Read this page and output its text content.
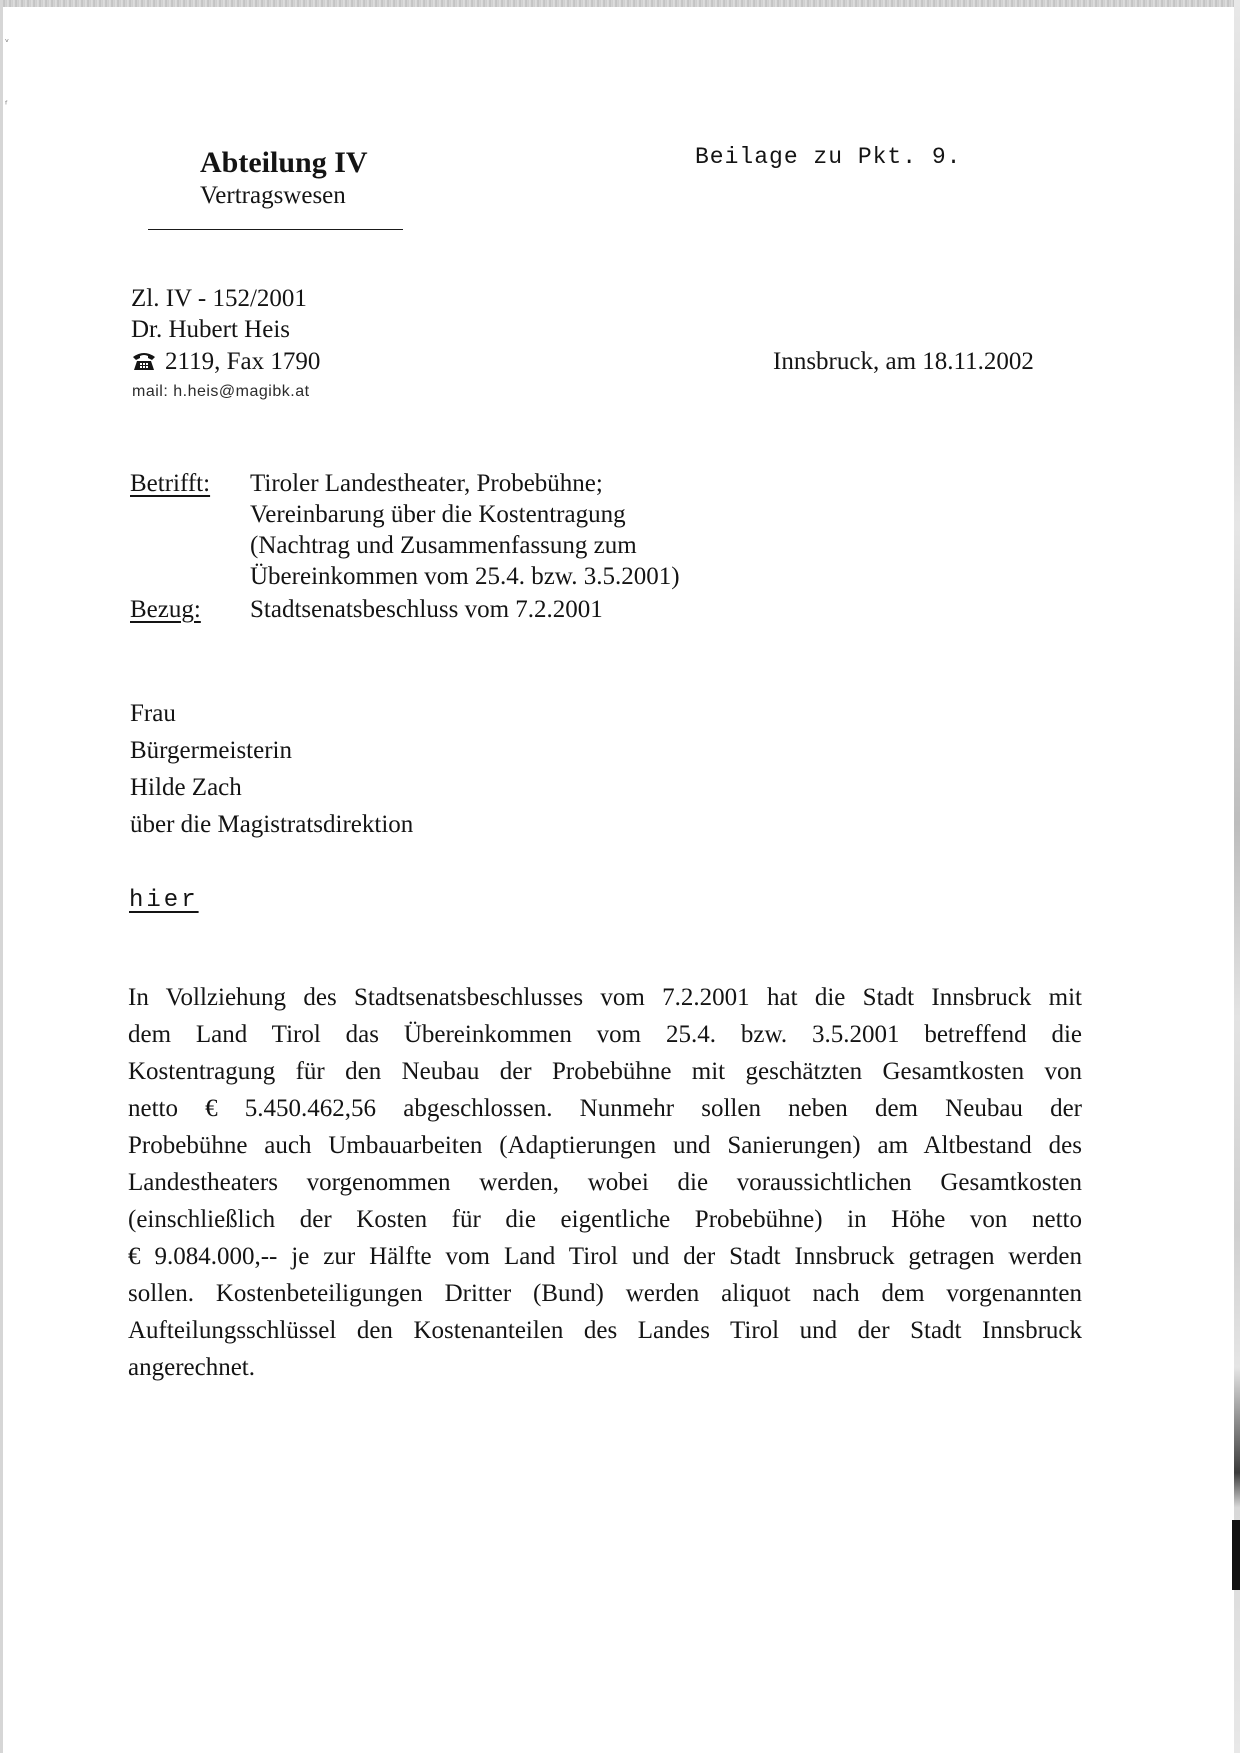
ᵥ
ᶠ
Abteilung IV
Vertragswesen
Beilage zu Pkt. 9.
Zl. IV - 152/2001
Dr. Hubert Heis
2119, Fax 1790
mail: h.heis@magibk.at
Innsbruck, am 18.11.2002
Betrifft: Tiroler Landestheater, Probebühne;
Vereinbarung über die Kostentragung
(Nachtrag und Zusammenfassung zum
Übereinkommen vom 25.4. bzw. 3.5.2001)
Bezug: Stadtsenatsbeschluss vom 7.2.2001
Frau
Bürgermeisterin
Hilde Zach
über die Magistratsdirektion
hier
In Vollziehung des Stadtsenatsbeschlusses vom 7.2.2001 hat die Stadt Innsbruck mit
dem Land Tirol das Übereinkommen vom 25.4. bzw. 3.5.2001 betreffend die
Kostentragung für den Neubau der Probebühne mit geschätzten Gesamtkosten von
netto € 5.450.462,56 abgeschlossen. Nunmehr sollen neben dem Neubau der
Probebühne auch Umbauarbeiten (Adaptierungen und Sanierungen) am Altbestand des
Landestheaters vorgenommen werden, wobei die voraussichtlichen Gesamtkosten
(einschließlich der Kosten für die eigentliche Probebühne) in Höhe von netto
€ 9.084.000,-- je zur Hälfte vom Land Tirol und der Stadt Innsbruck getragen werden
sollen. Kostenbeteiligungen Dritter (Bund) werden aliquot nach dem vorgenannten
Aufteilungsschlüssel den Kostenanteilen des Landes Tirol und der Stadt Innsbruck
angerechnet.
